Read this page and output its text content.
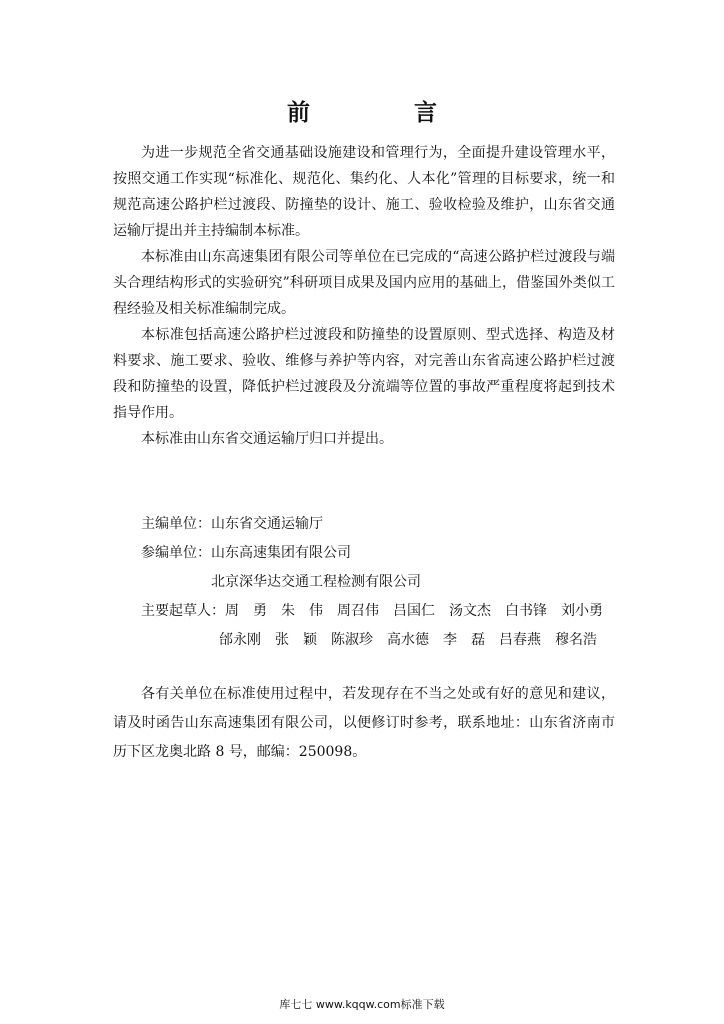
前 言

为进一步规范全省交通基础设施建设和管理行为，全面提升建设管理水平，按照交通工作实现“标准化、规范化、集约化、人本化”管理的目标要求，统一和规范高速公路护栏过渡段、防撞垫的设计、施工、验收检验及维护，山东省交通运输厅提出并主持编制本标准。

本标准由山东高速集团有限公司等单位在已完成的“高速公路护栏过渡段与端头合理结构形式的实验研究”科研项目成果及国内应用的基础上，借鉴国外类似工程经验及相关标准编制完成。

本标准包括高速公路护栏过渡段和防撞垫的设置原则、型式选择、构造及材料要求、施工要求、验收、维修与养护等内容，对完善山东省高速公路护栏过渡段和防撞垫的设置，降低护栏过渡段及分流端等位置的事故严重程度将起到技术指导作用。

本标准由山东省交通运输厅归口并提出。

主编单位：山东省交通运输厅
参编单位：山东高速集团有限公司
北京深华达交通工程检测有限公司
主要起草人：周　勇　朱　伟　周召伟　吕国仁　汤文杰　白书锋　刘小勇
邰永刚　张　颖　陈淑珍　高水德　李　磊　吕春燕　穆名浩

各有关单位在标准使用过程中，若发现存在不当之处或有好的意见和建议，请及时函告山东高速集团有限公司，以便修订时参考，联系地址：山东省济南市历下区龙奥北路 8 号，邮编：250098。

库七七 www.kqqw.com标准下载
